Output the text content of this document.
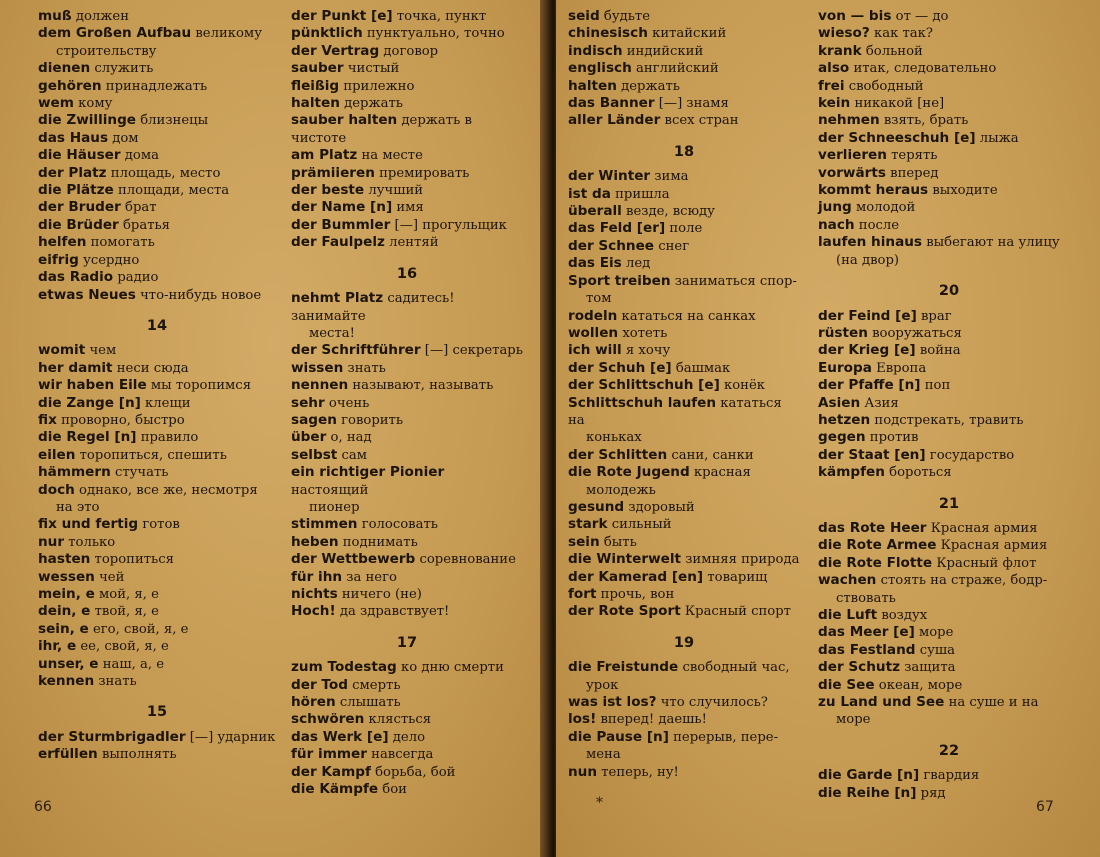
muß должен
dem Großen Aufbau великому
строительству
dienen служить
gehören принадлежать
wem кому
die Zwillinge близнецы
das Haus дом
die Häuser дома
der Platz площадь, место
die Plätze площади, места
der Bruder брат
die Brüder братья
helfen помогать
eifrig усердно
das Radio радио
etwas Neues что-нибудь новое
14
womit чем
her damit неси сюда
wir haben Eile мы торопимся
die Zange [n] клещи
fix проворно, быстро
die Regel [n] правило
eilen торопиться, спешить
hämmern стучать
doch однако, все же, несмотря
на это
fix und fertig готов
nur только
hasten торопиться
wessen чей
mein, e мой, я, е
dein, e твой, я, е
sein, e его, свой, я, е
ihr, e ее, свой, я, е
unser, e наш, а, е
kennen знать
15
der Sturmbrigadler [—] ударник
erfüllen выполнять
der Punkt [e] точка, пункт
pünktlich пунктуально, точно
der Vertrag договор
sauber чистый
fleißig прилежно
halten держать
sauber halten держать в чистоте
am Platz на месте
prämiieren премировать
der beste лучший
der Name [n] имя
der Bummler [—] прогульщик
der Faulpelz лентяй
16
nehmt Platz садитесь! занимайте
места!
der Schriftführer [—] секретарь
wissen знать
nennen называют, называть
sehr очень
sagen говорить
über о, над
selbst сам
ein richtiger Pionier настоящий
пионер
stimmen голосовать
heben поднимать
der Wettbewerb соревнование
für ihn за него
nichts ничего (не)
Hoch! да здравствует!
17
zum Todestag ко дню смерти
der Tod смерть
hören слышать
schwören клясться
das Werk [e] дело
für immer навсегда
der Kampf борьба, бой
die Kämpfe бои
66
seid будьте
chinesisch китайский
indisch индийский
englisch английский
halten держать
das Banner [—] знамя
aller Länder всех стран
18
der Winter зима
ist da пришла
überall везде, всюду
das Feld [er] поле
der Schnee снег
das Eis лед
Sport treiben заниматься спор-
том
rodeln кататься на санках
wollen хотеть
ich will я хочу
der Schuh [e] башмак
der Schlittschuh [e] конёк
Schlittschuh laufen кататься на
коньках
der Schlitten сани, санки
die Rote Jugend красная
молодежь
gesund здоровый
stark сильный
sein быть
die Winterwelt зимняя природа
der Kamerad [en] товарищ
fort прочь, вон
der Rote Sport Красный спорт
19
die Freistunde свободный час,
урок
was ist los? что случилось?
los! вперед! даешь!
die Pause [n] перерыв, пере-
мена
nun теперь, ну!
von — bis от — до
wieso? как так?
krank больной
also итак, следовательно
frei свободный
kein никакой [не]
nehmen взять, брать
der Schneeschuh [e] лыжа
verlieren терять
vorwärts вперед
kommt heraus выходите
jung молодой
nach после
laufen hinaus выбегают на улицу
(на двор)
20
der Feind [e] враг
rüsten вооружаться
der Krieg [e] война
Europa Европа
der Pfaffe [n] поп
Asien Азия
hetzen подстрекать, травить
gegen против
der Staat [en] государство
kämpfen бороться
21
das Rote Heer Красная армия
die Rote Armee Красная армия
die Rote Flotte Красный флот
wachen стоять на страже, бодр-
ствовать
die Luft воздух
das Meer [e] море
das Festland суша
der Schutz защита
die See океан, море
zu Land und See на суше и на
море
22
die Garde [n] гвардия
die Reihe [n] ряд
67
*
